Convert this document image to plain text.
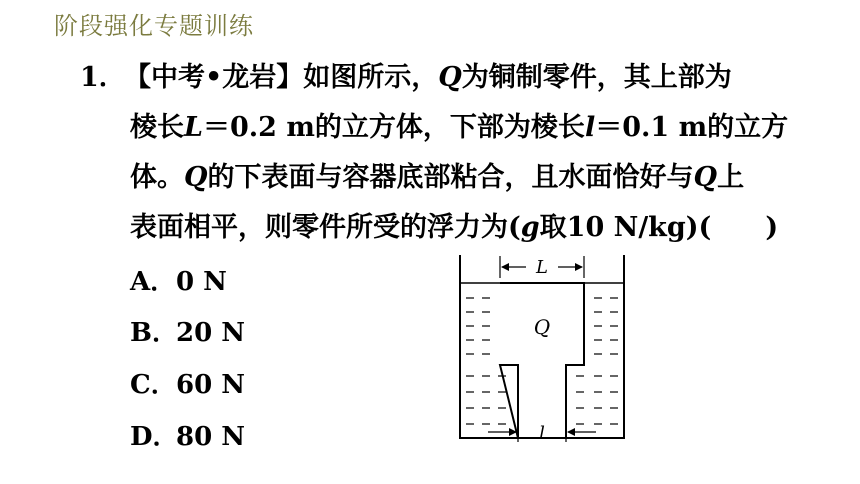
阶段强化专题训练
1．
【中考•龙岩】如图所示，Q为铜制零件，其上部为
棱长L＝0.2 m的立方体，下部为棱长l＝0.1 m的立方
体。Q的下表面与容器底部粘合，且水面恰好与Q上
表面相平，则零件所受的浮力为(g取10 N/kg)(　　)
A．0 N
B．20 N
C．60 N
D．80 N
L
Q
l
